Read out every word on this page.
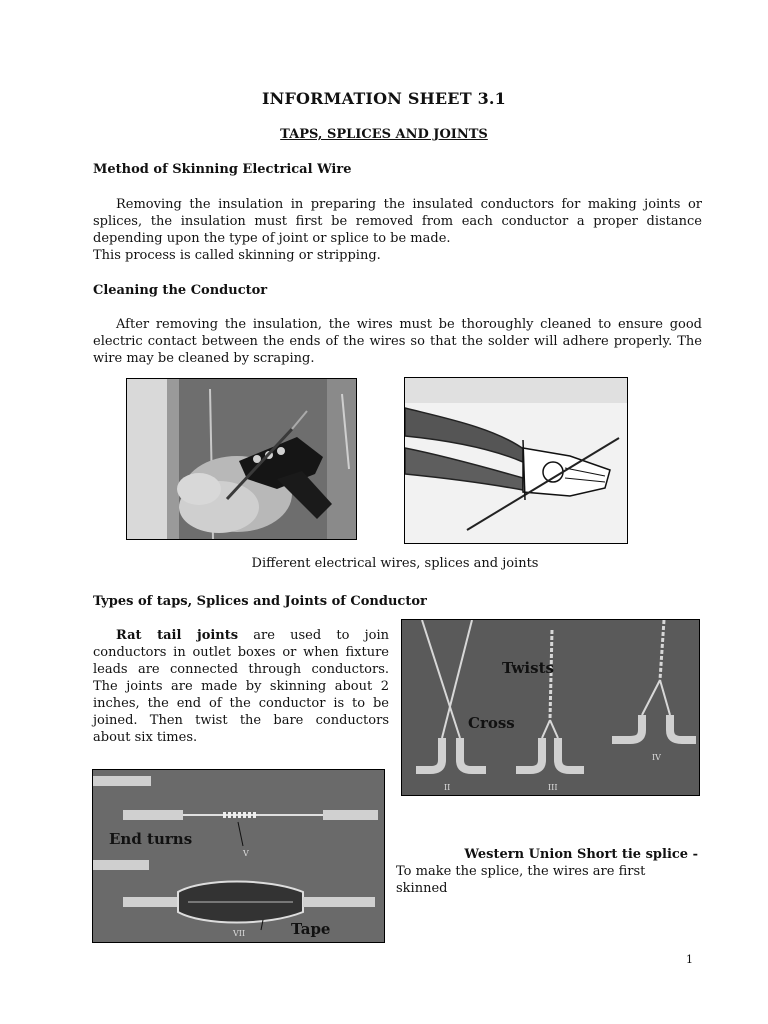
INFORMATION SHEET 3.1
TAPS, SPLICES AND JOINTS
Method of Skinning Electrical Wire

Removing the insulation in preparing the insulated conductors for making joints or splices, the insulation must first be removed from each conductor a proper distance depending upon the type of joint or splice to be made.

This process is called skinning or stripping.

Cleaning the Conductor

After removing the insulation, the wires must be thoroughly cleaned to ensure good electric contact between the ends of the wires so that the solder will adhere properly. The wire may be cleaned by scraping.

Different electrical wires, splices and joints
Types of taps, Splices and Joints of Conductor
Rat tail joints are used to join conductors in outlet boxes or when fixture leads are connected through conductors. The joints are made by skinning about 2 inches, the end of the conductor is to be joined. Then twist the bare conductors about six times.
Twists
Cross
II	III
IV
End turns
Tape
V
VII
Western Union Short tie splice -
To make the splice, the wires are first skinned
1
